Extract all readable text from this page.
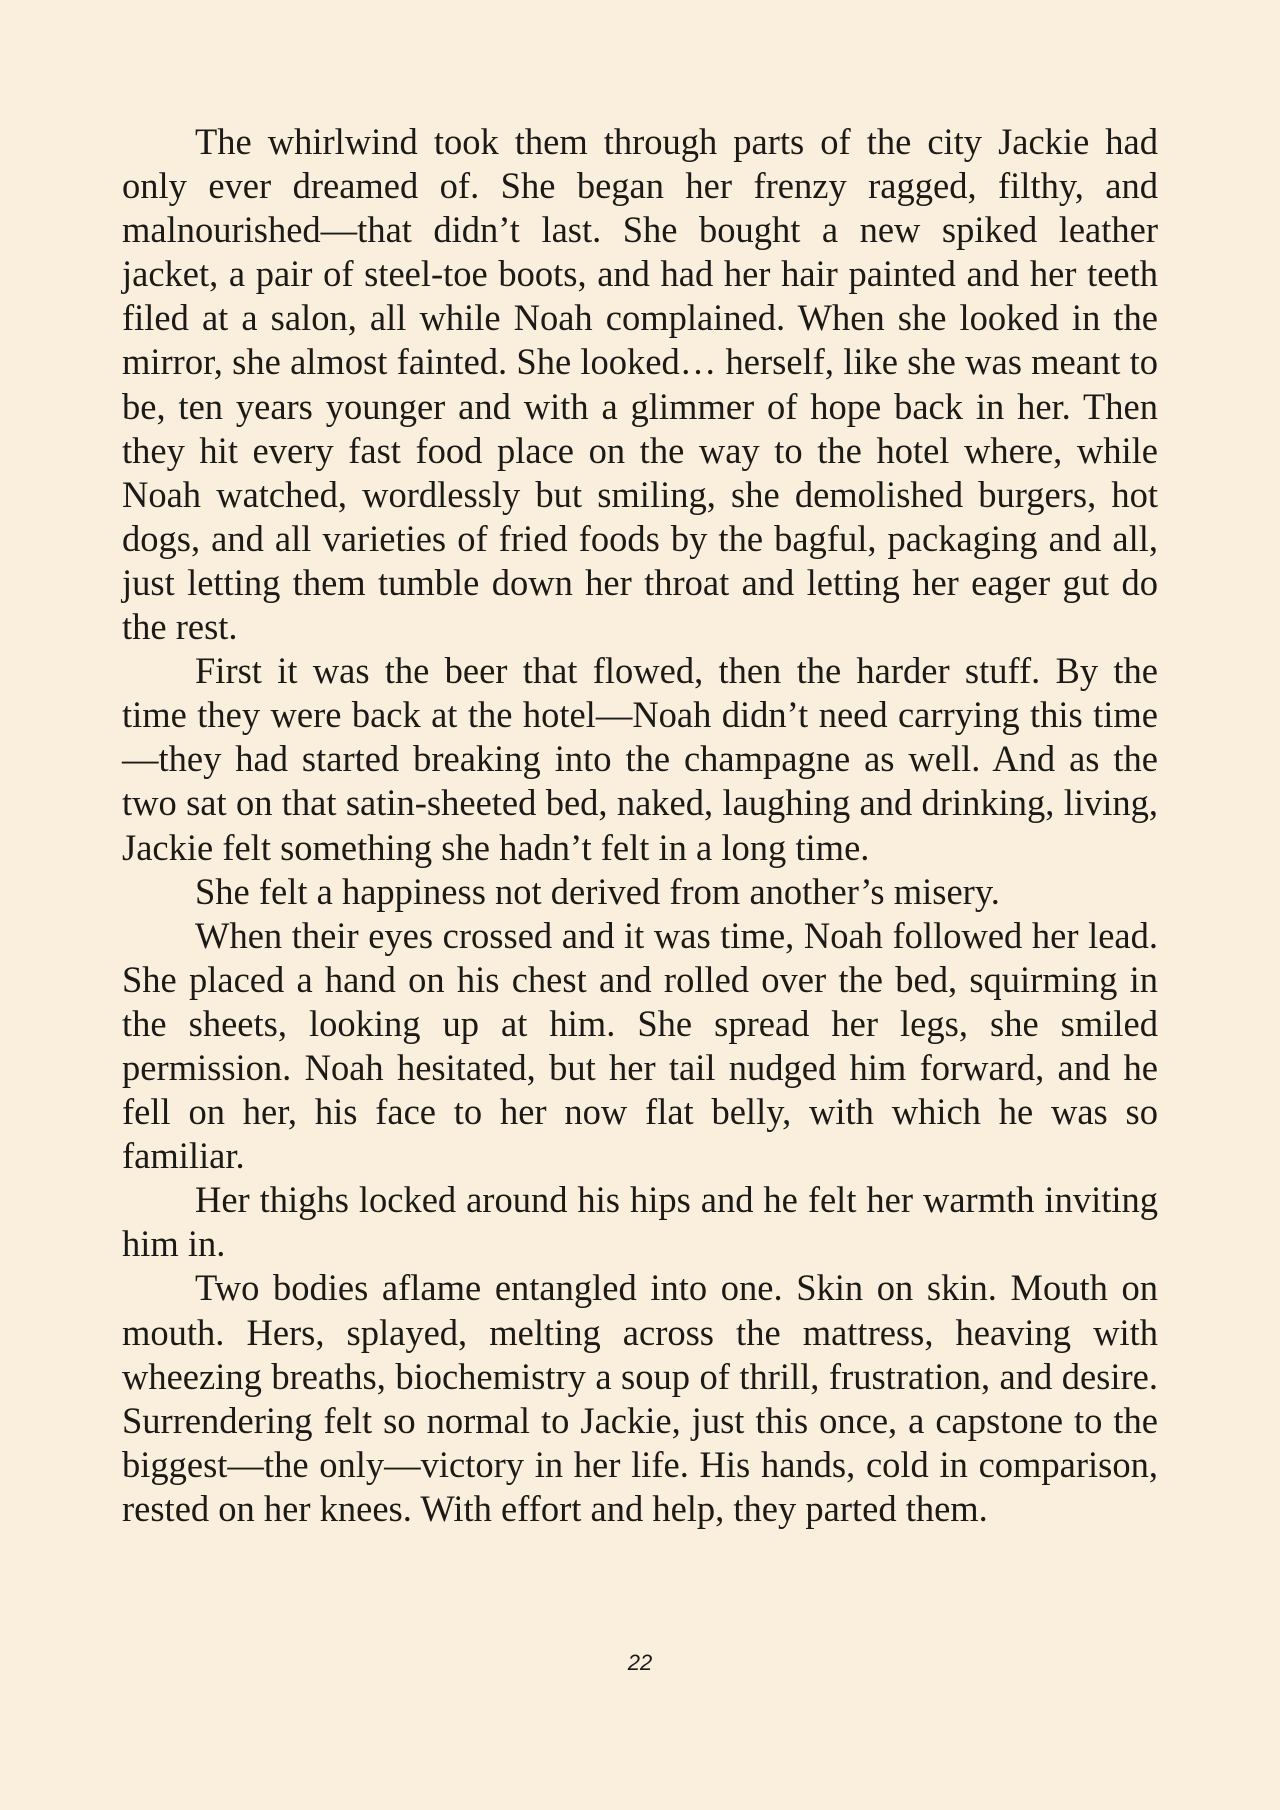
The whirlwind took them through parts of the city Jackie had only ever dreamed of. She began her frenzy ragged, filthy, and malnourished—that didn’t last. She bought a new spiked leather jacket, a pair of steel-toe boots, and had her hair painted and her teeth filed at a salon, all while Noah complained. When she looked in the mirror, she almost fainted. She looked… herself, like she was meant to be, ten years younger and with a glimmer of hope back in her. Then they hit every fast food place on the way to the hotel where, while Noah watched, wordlessly but smiling, she demolished burgers, hot dogs, and all varieties of fried foods by the bagful, packaging and all, just letting them tumble down her throat and letting her eager gut do the rest.

First it was the beer that flowed, then the harder stuff. By the time they were back at the hotel—Noah didn’t need carrying this time—they had started breaking into the champagne as well. And as the two sat on that satin-sheeted bed, naked, laughing and drinking, living, Jackie felt something she hadn’t felt in a long time.

She felt a happiness not derived from another’s misery.

When their eyes crossed and it was time, Noah followed her lead. She placed a hand on his chest and rolled over the bed, squirming in the sheets, looking up at him. She spread her legs, she smiled permission. Noah hesitated, but her tail nudged him forward, and he fell on her, his face to her now flat belly, with which he was so familiar.

Her thighs locked around his hips and he felt her warmth inviting him in.

Two bodies aflame entangled into one. Skin on skin. Mouth on mouth. Hers, splayed, melting across the mattress, heaving with wheezing breaths, biochemistry a soup of thrill, frustration, and desire. Surrendering felt so normal to Jackie, just this once, a capstone to the biggest—the only—victory in her life. His hands, cold in comparison, rested on her knees. With effort and help, they parted them.

22
